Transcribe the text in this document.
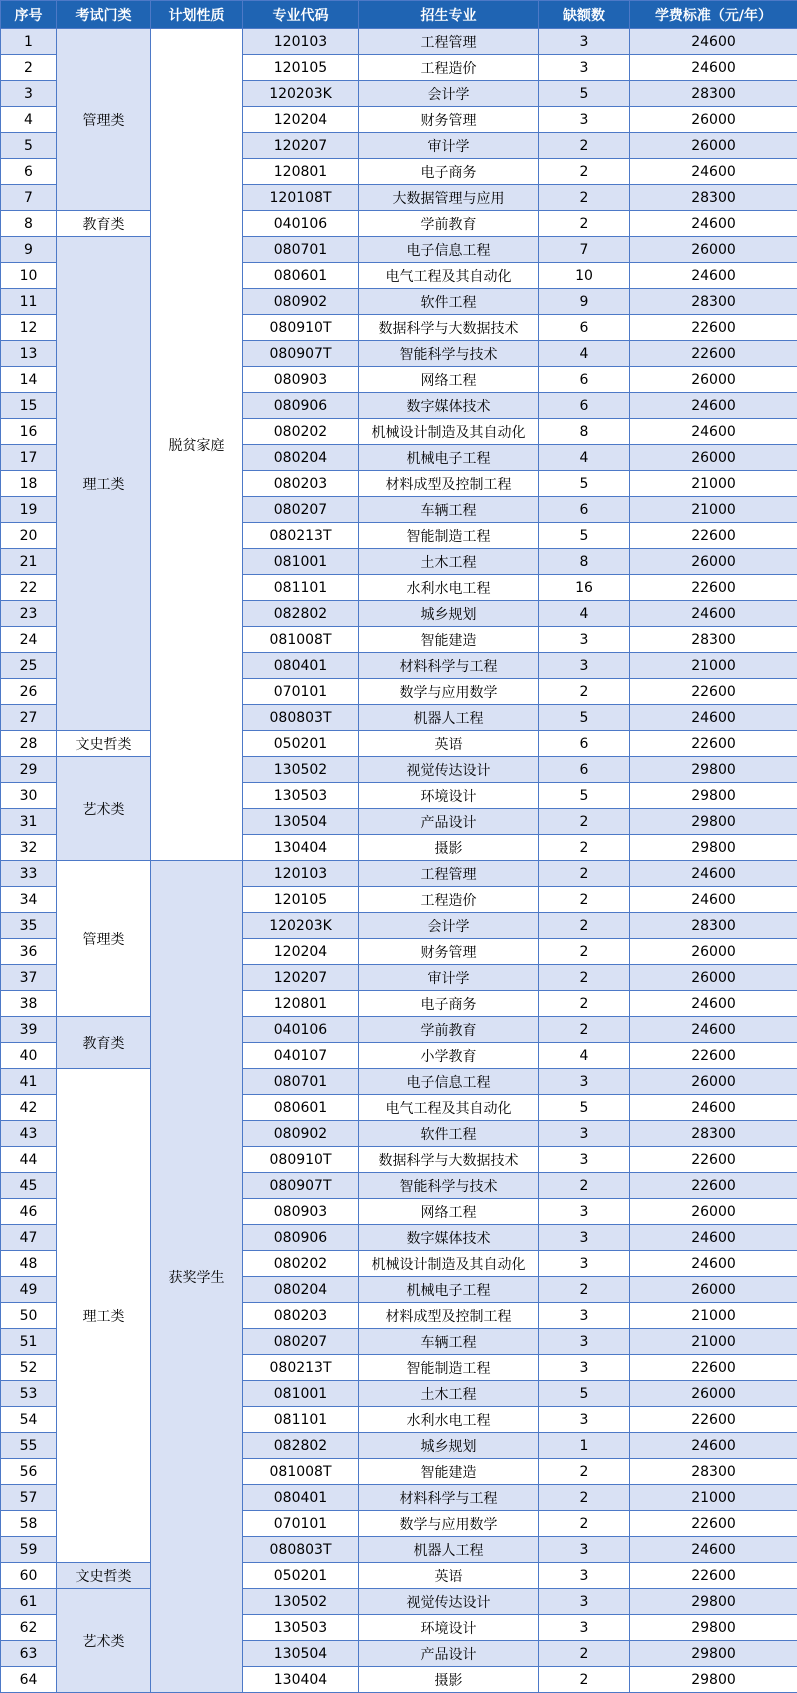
序号	考试门类	计划性质	专业代码	招生专业	缺额数	学费标准（元/年）
1	管理类	脱贫家庭	120103	工程管理	3	24600
2			120105	工程造价	3	24600
3			120203K	会计学	5	28300
4			120204	财务管理	3	26000
5			120207	审计学	2	26000
6			120801	电子商务	2	24600
7			120108T	大数据管理与应用	2	28300
8	教育类		040106	学前教育	2	24600
9	理工类		080701	电子信息工程	7	26000
10			080601	电气工程及其自动化	10	24600
11			080902	软件工程	9	28300
12			080910T	数据科学与大数据技术	6	22600
13			080907T	智能科学与技术	4	22600
14			080903	网络工程	6	26000
15			080906	数字媒体技术	6	24600
16			080202	机械设计制造及其自动化	8	24600
17			080204	机械电子工程	4	26000
18			080203	材料成型及控制工程	5	21000
19			080207	车辆工程	6	21000
20			080213T	智能制造工程	5	22600
21			081001	土木工程	8	26000
22			081101	水利水电工程	16	22600
23			082802	城乡规划	4	24600
24			081008T	智能建造	3	28300
25			080401	材料科学与工程	3	21000
26			070101	数学与应用数学	2	22600
27			080803T	机器人工程	5	24600
28	文史哲类		050201	英语	6	22600
29	艺术类		130502	视觉传达设计	6	29800
30			130503	环境设计	5	29800
31			130504	产品设计	2	29800
32			130404	摄影	2	29800
33	管理类	获奖学生	120103	工程管理	2	24600
34			120105	工程造价	2	24600
35			120203K	会计学	2	28300
36			120204	财务管理	2	26000
37			120207	审计学	2	26000
38			120801	电子商务	2	24600
39	教育类		040106	学前教育	2	24600
40			040107	小学教育	4	22600
41	理工类		080701	电子信息工程	3	26000
42			080601	电气工程及其自动化	5	24600
43			080902	软件工程	3	28300
44			080910T	数据科学与大数据技术	3	22600
45			080907T	智能科学与技术	2	22600
46			080903	网络工程	3	26000
47			080906	数字媒体技术	3	24600
48			080202	机械设计制造及其自动化	3	24600
49			080204	机械电子工程	2	26000
50			080203	材料成型及控制工程	3	21000
51			080207	车辆工程	3	21000
52			080213T	智能制造工程	3	22600
53			081001	土木工程	5	26000
54			081101	水利水电工程	3	22600
55			082802	城乡规划	1	24600
56			081008T	智能建造	2	28300
57			080401	材料科学与工程	2	21000
58			070101	数学与应用数学	2	22600
59			080803T	机器人工程	3	24600
60	文史哲类		050201	英语	3	22600
61	艺术类		130502	视觉传达设计	3	29800
62			130503	环境设计	3	29800
63			130504	产品设计	2	29800
64			130404	摄影	2	29800
